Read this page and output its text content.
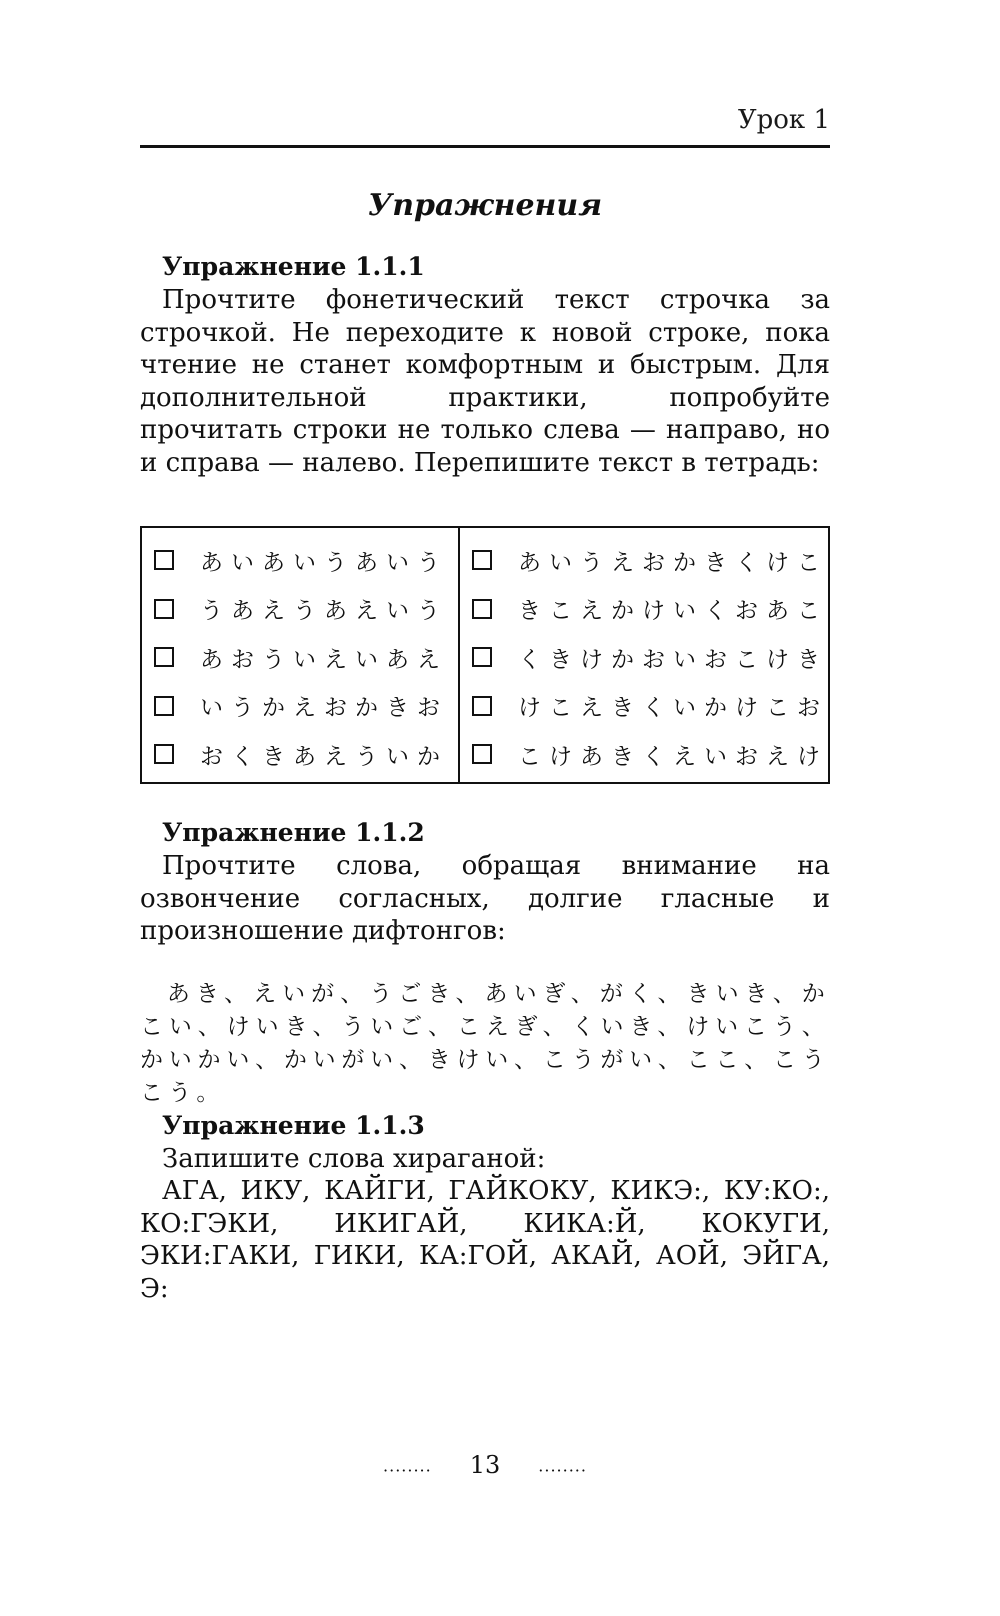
Урок 1
Упражнения
Упражнение 1.1.1
Прочтите фонетический текст строчка за строчкой. Не переходите к новой строке, пока чтение не станет комфортным и быстрым. Для дополнительной практики, попробуйте прочитать строки не только слева — направо, но и справа — налево. Перепишите текст в тетрадь:
あいあいうあいう
うあえうあえいう
あおういえいあえ
いうかえおかきお
おくきあえういか
あいうえおかきくけこ
きこえかけいくおあこ
くきけかおいおこけき
けこえきくいかけこお
こけあきくえいおえけ
Упражнение 1.1.2
Прочтите слова, обращая внимание на озвончение согласных, долгие гласные и произношение дифтонгов:
あき、えいが、うごき、あいぎ、がく、きいき、かこい、けいき、ういご、こえぎ、くいき、けいこう、かいかい、かいがい、きけい、こうがい、ここ、こうこう。
Упражнение 1.1.3
Запишите слова хираганой:
АГА, ИКУ, КАЙГИ, ГАЙКОКУ, КИКЭ:, КУ:КО:, КО:ГЭКИ, ИКИГАЙ, КИКА:Й, КОКУГИ, ЭКИ:ГАКИ, ГИКИ, КА:ГОЙ, АКАЙ, АОЙ, ЭЙГА, Э:
........ 13 ........
